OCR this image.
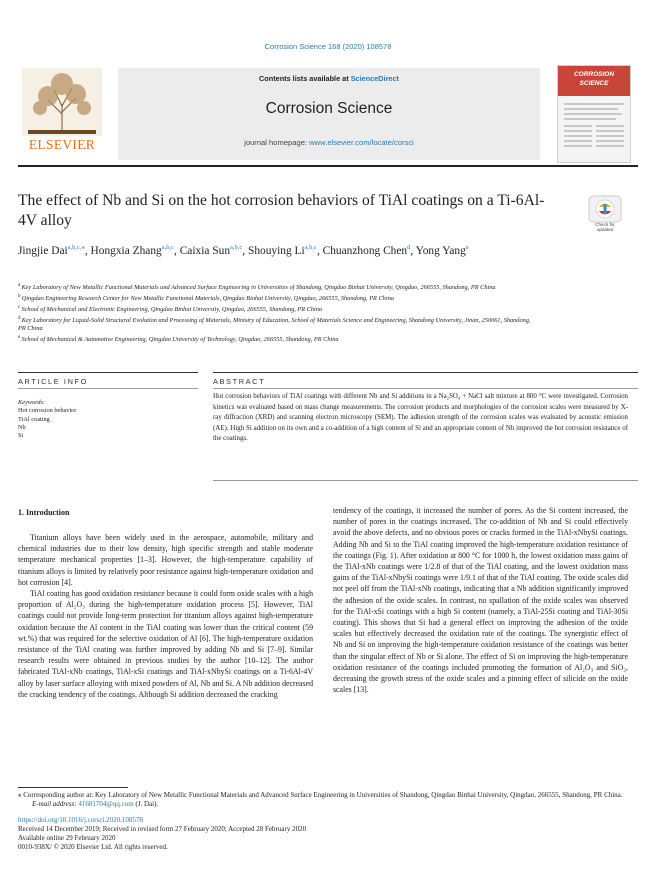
Corrosion Science 168 (2020) 108578
ELSEVIER
Contents lists available at ScienceDirect
Corrosion Science
journal homepage: www.elsevier.com/locate/corsci
CORROSION
SCIENCE
The effect of Nb and Si on the hot corrosion behaviors of TiAl coatings on a Ti-6Al-4V alloy	Check for
updates
Jingjie Dai$^{a,b,c,⁎}$, Hongxia Zhang$^{a,b,c}$, Caixia Sun$^{a,b,c}$, Shouying Li$^{a,b,c}$, Chuanzhong Chen$^d$, Yong Yang$^e$
$^a$ Key Laboratory of New Metallic Functional Materials and Advanced Surface Engineering in Universities of Shandong, Qingdao Binhai University, Qingdao, 266555, Shandong, PR China
$^b$ Qingdao Engineering Research Center for New Metallic Functional Materials, Qingdao Binhai University, Qingdao, 266555, Shandong, PR China
$^c$ School of Mechanical and Electronic Engineering, Qingdao Binhai University, Qingdao, 266555, Shandong, PR China
$^d$ Key Laboratory for Liquid-Solid Structural Evolution and Processing of Materials, Ministry of Education, School of Materials Science and Engineering, Shandong University, Jinan, 250061, Shandong, PR China
$^e$ School of Mechanical & Automotive Engineering, Qingdao University of Technology, Qingdao, 266555, Shandong, PR China
ARTICLE INFO	ABSTRACT
Keywords:
Hot corrosion behavior
TiAl coating
Nb
Si
Hot corrosion behaviors of TiAl coatings with different Nb and Si additions in a Na₂SO₄ + NaCl salt mixture at 800 °C were investigated. Corrosion kinetics was evaluated based on mass change measurements. The corrosion products and morphologies of the corrosion scales were measured by X-ray diffraction (XRD) and scanning electron microscopy (SEM). The adhesion strength of the corrosion scales was evaluated by acoustic emission (AE). High Si addition on its own and a co-addition of a high content of Si and an appropriate content of Nb improved the hot corrosion resistance of the coatings.
1. Introduction

Titanium alloys have been widely used in the aerospace, automobile, military and chemical industries due to their low density, high specific strength and stable moderate temperature mechanical properties [1–3]. However, the high-temperature capability of titanium alloys is limited by relatively poor resistance against high-temperature oxidation and hot corrosion [4].

TiAl coating has good oxidation resistance because it could form oxide scales with a high proportion of Al₂O₃ during the high-temperature oxidation process [5]. However, TiAl coatings could not provide long-term protection for titanium alloys against high-temperature oxidation because the Al content in the TiAl coating was lower than the critical content (59 wt.%) that was required for the selective oxidation of Al [6]. The high-temperature oxidation resistance of the TiAl coating was further improved by adding Nb and Si [7–9]. Similar research results were obtained in previous studies by the author [10–12]. The author fabricated TiAl-xNb coatings, TiAl-xSi coatings and TiAl-xNbySi coatings on a Ti-6Al-4V alloy by laser surface alloying with mixed powders of Al, Nb and Si. A Nb addition decreased the cracking tendency of the coatings. Although Si addition decreased the cracking

tendency of the coatings, it increased the number of pores. As the Si content increased, the number of pores in the coatings increased. The co-addition of Nb and Si could effectively avoid the above defects, and no obvious pores or cracks formed in the TiAl-xNbySi coatings. Adding Nb and Si to the TiAl coating improved the high-temperature oxidation resistance of the coatings (Fig. 1). After oxidation at 800 °C for 1000 h, the lowest oxidation mass gains of the TiAl-xNb coatings were 1/2.8 of that of the TiAl coating, and the lowest oxidation mass gains of the TiAl-xNbySi coatings were 1/9.1 of that of the TiAl coating. The oxide scales did not peel off from the TiAl-xNb coatings, indicating that a Nb addition significantly improved the adhesion of the oxide scales. In contrast, no spallation of the oxide scales was observed for the TiAl-xSi coatings with a high Si content (namely, a TiAl-25Si coating and TiAl-30Si coating). This shows that Si had a general effect on improving the adhesion of the oxide scales but effectively decreased the oxidation rate of the coatings. The synergistic effect of Nb and Si on improving the high-temperature oxidation resistance of the coatings was better than the singular effect of Nb or Si alone. The effect of Si on improving the high-temperature oxidation resistance of the coatings included promoting the formation of Al₂O₃ and SiO₂, decreasing the growth stress of the oxide scales and a pinning effect of silicide on the oxide scales [13].

⁎ Corresponding author at: Key Laboratory of New Metallic Functional Materials and Advanced Surface Engineering in Universities of Shandong, Qingdao Binhai University, Qingdao, 266555, Shandong, PR China.

E-mail address: 41681704@qq.com (J. Dai).

https://doi.org/10.1016/j.corsci.2020.108578

Received 14 December 2019; Received in revised form 27 February 2020; Accepted 28 February 2020

Available online 29 February 2020

0010-938X/ © 2020 Elsevier Ltd. All rights reserved.
